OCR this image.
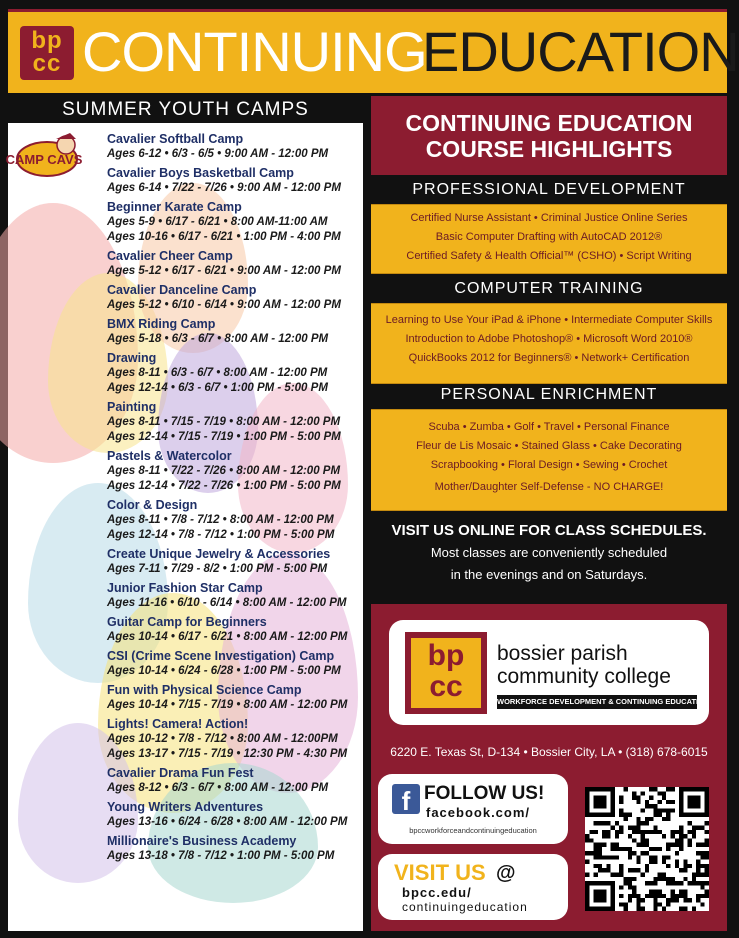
bp
cc CONTINUING
EDUCATION
SUMMER YOUTH CAMPS
CAMP CAVS
Cavalier Softball Camp
Ages 6-12 • 6/3 - 6/5 • 9:00 AM - 12:00 PM
Cavalier Boys Basketball Camp
Ages 6-14 • 7/22 - 7/26 • 9:00 AM - 12:00 PM
Beginner Karate Camp
Ages 5-9 • 6/17 - 6/21 • 8:00 AM-11:00 AM
Ages 10-16 • 6/17 - 6/21 • 1:00 PM - 4:00 PM
Cavalier Cheer Camp
Ages 5-12 • 6/17 - 6/21 • 9:00 AM - 12:00 PM
Cavalier Danceline Camp
Ages 5-12 • 6/10 - 6/14 • 9:00 AM - 12:00 PM
BMX Riding Camp
Ages 5-18 • 6/3 - 6/7 • 8:00 AM - 12:00 PM
Drawing
Ages 8-11 • 6/3 - 6/7 • 8:00 AM - 12:00 PM
Ages 12-14 • 6/3 - 6/7 • 1:00 PM - 5:00 PM
Painting
Ages 8-11 • 7/15 - 7/19 • 8:00 AM - 12:00 PM
Ages 12-14 • 7/15 - 7/19 • 1:00 PM - 5:00 PM
Pastels & Watercolor
Ages 8-11 • 7/22 - 7/26 • 8:00 AM - 12:00 PM
Ages 12-14 • 7/22 - 7/26 • 1:00 PM - 5:00 PM
Color & Design
Ages 8-11 • 7/8 - 7/12 • 8:00 AM - 12:00 PM
Ages 12-14 • 7/8 - 7/12 • 1:00 PM - 5:00 PM
Create Unique Jewelry & Accessories
Ages 7-11 • 7/29 - 8/2 • 1:00 PM - 5:00 PM
Junior Fashion Star Camp
Ages 11-16 • 6/10 - 6/14 • 8:00 AM - 12:00 PM
Guitar Camp for Beginners
Ages 10-14 • 6/17 - 6/21 • 8:00 AM - 12:00 PM
CSI (Crime Scene Investigation) Camp
Ages 10-14 • 6/24 - 6/28 • 1:00 PM - 5:00 PM
Fun with Physical Science Camp
Ages 10-14 • 7/15 - 7/19 • 8:00 AM - 12:00 PM
Lights! Camera! Action!
Ages 10-12 • 7/8 - 7/12 • 8:00 AM - 12:00PM
Ages 13-17 • 7/15 - 7/19 • 12:30 PM - 4:30 PM
Cavalier Drama Fun Fest
Ages 8-12 • 6/3 - 6/7 • 8:00 AM - 12:00 PM
Young Writers Adventures
Ages 13-16 • 6/24 - 6/28 • 8:00 AM - 12:00 PM
Millionaire's Business Academy
Ages 13-18 • 7/8 - 7/12 • 1:00 PM - 5:00 PM
CONTINUING EDUCATION
COURSE HIGHLIGHTS
PROFESSIONAL DEVELOPMENT
Certified Nurse Assistant • Criminal Justice Online Series
Basic Computer Drafting with AutoCAD 2012®
Certified Safety & Health Official™ (CSHO) • Script Writing
COMPUTER TRAINING
Learning to Use Your iPad & iPhone • Intermediate Computer Skills
Introduction to Adobe Photoshop® • Microsoft Word 2010®
QuickBooks 2012 for Beginners® • Network+ Certification
PERSONAL ENRICHMENT
Scuba • Zumba • Golf • Travel • Personal Finance
Fleur de Lis Mosaic • Stained Glass • Cake Decorating
Scrapbooking • Floral Design • Sewing • Crochet
Mother/Daughter Self-Defense - NO CHARGE!
VISIT US ONLINE FOR CLASS SCHEDULES.
Most classes are conveniently scheduled
in the evenings and on Saturdays.
bp
cc
bossier parish
community college
WORKFORCE DEVELOPMENT & CONTINUING EDUCATION
6220 E. Texas St, D-134 • Bossier City, LA • (318) 678-6015
f FOLLOW US!
facebook.com/
bpccworkforceandcontinuingeducation
VISIT US @
bpcc.edu/
continuingeducation
